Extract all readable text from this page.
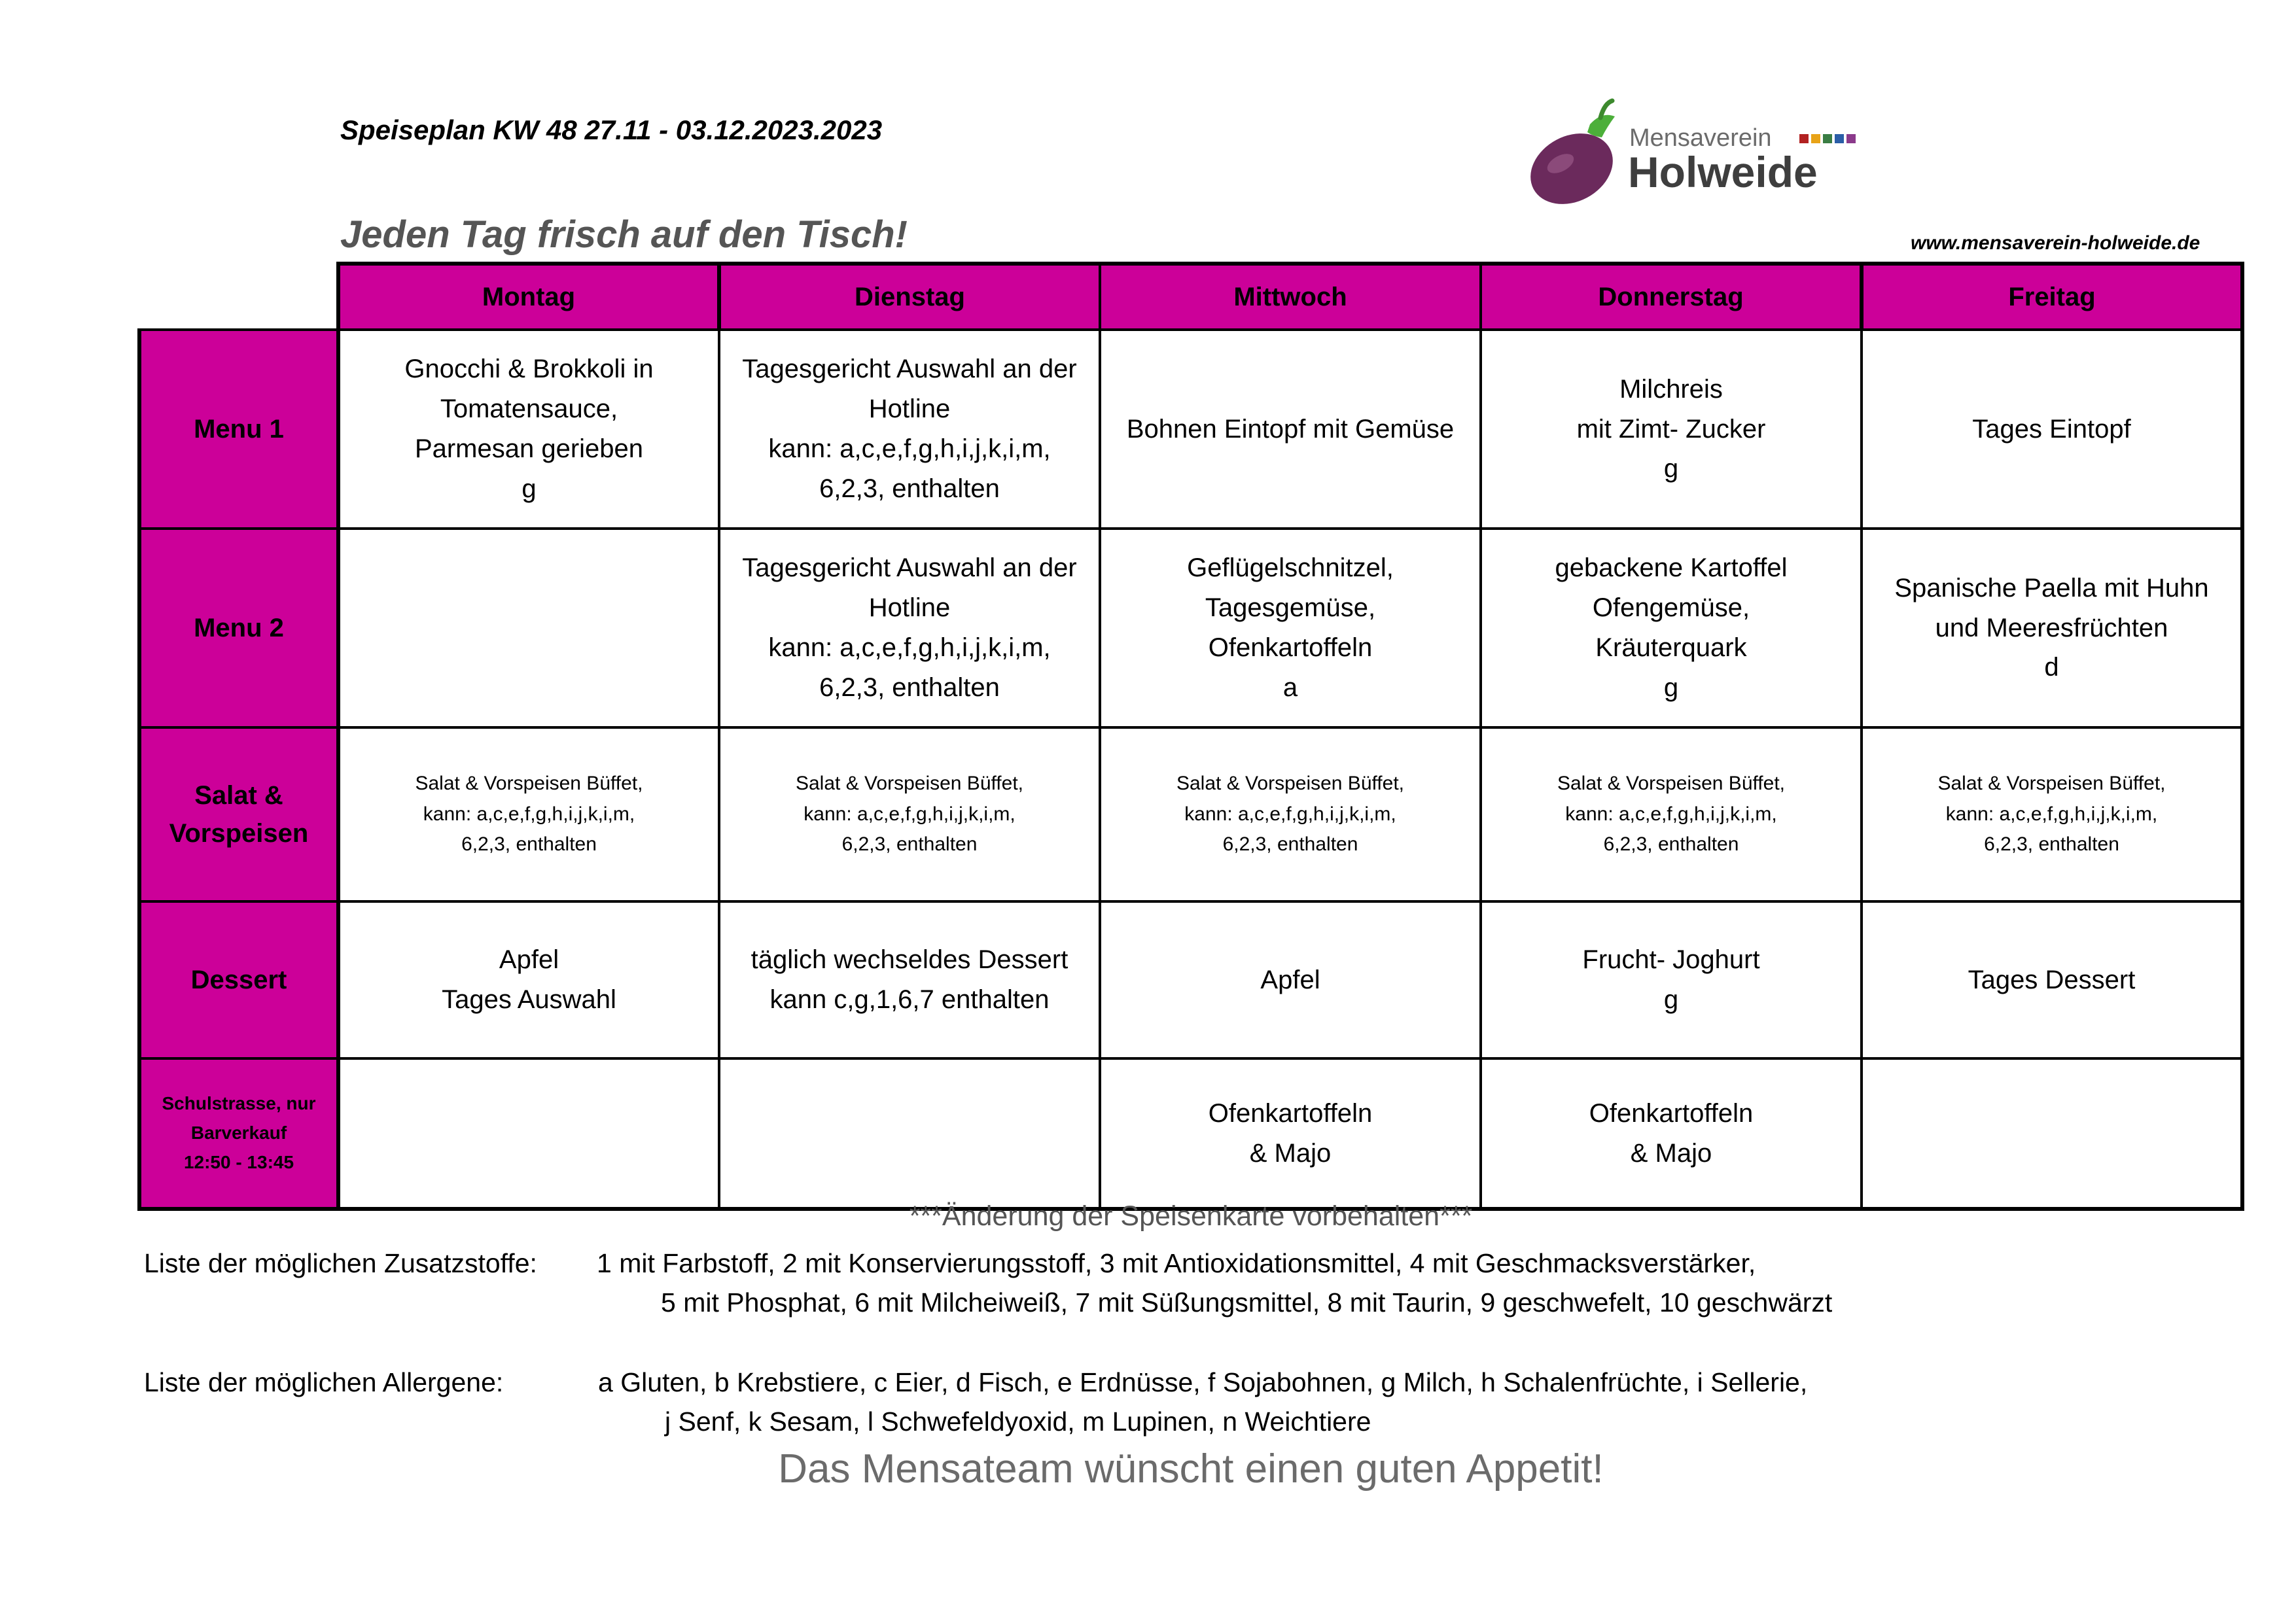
Speiseplan KW 48 27.11 - 03.12.2023.2023
Jeden Tag frisch auf den Tisch!	www.mensaverein-holweide.de
Mensaverein
Holweide
	Montag	Dienstag	Mittwoch	Donnerstag	Freitag
Menu 1	Gnocchi & Brokkoli in
Tomatensauce,
Parmesan gerieben
g	Tagesgericht Auswahl an der
Hotline
kann: a,c,e,f,g,h,i,j,k,i,m,
6,2,3, enthalten	Bohnen Eintopf mit Gemüse	Milchreis
mit Zimt- Zucker
g	Tages Eintopf
Menu 2		Tagesgericht Auswahl an der
Hotline
kann: a,c,e,f,g,h,i,j,k,i,m,
6,2,3, enthalten	Geflügelschnitzel,
Tagesgemüse,
Ofenkartoffeln
a	gebackene Kartoffel
Ofengemüse,
Kräuterquark
g	Spanische Paella mit Huhn
und Meeresfrüchten
d
Salat &
Vorspeisen	Salat & Vorspeisen Büffet,
kann: a,c,e,f,g,h,i,j,k,i,m,
6,2,3, enthalten	Salat & Vorspeisen Büffet,
kann: a,c,e,f,g,h,i,j,k,i,m,
6,2,3, enthalten	Salat & Vorspeisen Büffet,
kann: a,c,e,f,g,h,i,j,k,i,m,
6,2,3, enthalten	Salat & Vorspeisen Büffet,
kann: a,c,e,f,g,h,i,j,k,i,m,
6,2,3, enthalten	Salat & Vorspeisen Büffet,
kann: a,c,e,f,g,h,i,j,k,i,m,
6,2,3, enthalten
Dessert	Apfel
Tages Auswahl	täglich wechseldes Dessert
kann c,g,1,6,7 enthalten	Apfel	Frucht- Joghurt
g	Tages Dessert
Schulstrasse, nur
Barverkauf
12:50 - 13:45			Ofenkartoffeln
& Majo	Ofenkartoffeln
& Majo	
***Änderung der Speisenkarte vorbehalten***
Liste der möglichen Zusatzstoffe: 1 mit Farbstoff, 2 mit Konservierungsstoff, 3 mit Antioxidationsmittel, 4 mit Geschmacksverstärker,
5 mit Phosphat, 6 mit Milcheiweiß, 7 mit Süßungsmittel, 8 mit Taurin, 9 geschwefelt, 10 geschwärzt
Liste der möglichen Allergene:	a Gluten, b Krebstiere, c Eier, d Fisch, e Erdnüsse, f Sojabohnen, g Milch, h Schalenfrüchte, i Sellerie,
j Senf, k Sesam, l Schwefeldyoxid, m Lupinen, n Weichtiere
Das Mensateam wünscht einen guten Appetit!
